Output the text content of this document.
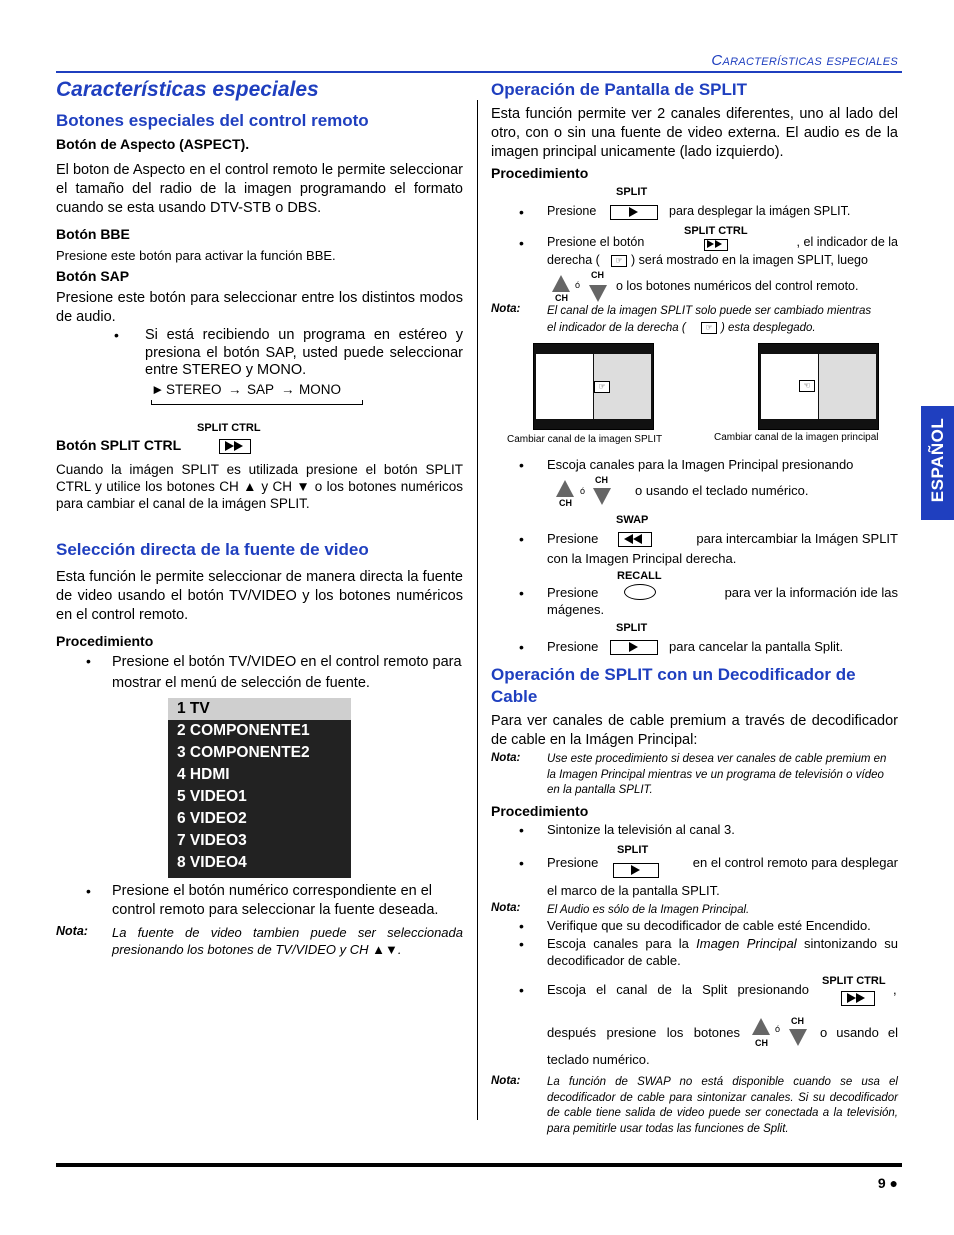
Características especiales
ESPAÑOL
Características especiales
Botones especiales del control remoto
Botón de Aspecto (ASPECT).
El boton de Aspecto en el control remoto le permite seleccionar el tamaño del radio de la imagen programando el formato cuando se esta usando DTV-STB o DBS.
Botón BBE
Presione este botón para activar la función BBE.
Botón SAP
Presione este botón para seleccionar entre los distintos modos de audio.
• Si está recibiendo un programa en estéreo y presiona el botón SAP, usted puede seleccionar entre STEREO y MONO.
► STEREO → SAP → MONO
SPLIT CTRL
Botón SPLIT CTRL
Cuando la imágen SPLIT es utilizada presione el botón SPLIT CTRL y utilice los botones CH ▲ y CH ▼ o los botones numéricos para cambiar el canal de la imágen SPLIT.
Selección directa de la fuente de video
Esta función le permite seleccionar de manera directa la fuente de video usando el botón TV/VIDEO y los botones numéricos en el control remoto.
Procedimiento
• Presione el botón TV/VIDEO en el control remoto para mostrar el menú de selección de fuente.
1 TV
2 COMPONENTE1
3 COMPONENTE2
4 HDMI
5 VIDEO1
6 VIDEO2
7 VIDEO3
8 VIDEO4
• Presione el botón numérico correspondiente en el control remoto para seleccionar la fuente deseada.
Nota: La fuente de video tambien puede ser seleccionada presionando los botones de TV/VIDEO y CH ▲▼.
Operación de Pantalla de SPLIT
Esta función permite ver 2 canales diferentes, uno al lado del otro, con o sin una fuente de video externa. El audio es de la imagen principal unicamente (lado izquierdo).
Procedimiento
SPLIT
• Presione	para desplegar la imágen SPLIT.
SPLIT CTRL
• Presione el botón	, el indicador de la
derecha (	☞ ) será mostrado en la imagen SPLIT, luego
CH
CH
ó	o los botones numéricos del control remoto.
Nota: El canal de la imagen SPLIT solo puede ser cambiado mientras
el indicador de la derecha (	☞ ) esta desplegado.
☞
Cambiar canal de la imagen SPLIT
☜
Cambiar canal de la imagen principal
• Escoja canales para la Imagen Principal presionando
CH
CH
ó	o usando el teclado numérico.
SWAP
• Presione	para intercambiar la Imágen SPLIT
con la Imagen Principal derecha.
RECALL
• Presione	para ver la información ide las
mágenes.
SPLIT
• Presione	para cancelar la pantalla Split.
Operación de SPLIT con un Decodificador de
Cable
Para ver canales de cable premium a través de decodificador de cable en la Imágen Principal:
Nota: Use este procedimiento si desea ver canales de cable premium en la Imagen Principal mientras ve un programa de televisión o vídeo en la pantalla SPLIT.
Procedimiento
• Sintonize la televisión al canal 3.
SPLIT
• Presione	en el control remoto para desplegar
el marco de la pantalla SPLIT.
Nota: El Audio es sólo de la Imagen Principal.
• Verifique que su decodificador de cable esté Encendido.
• Escoja canales para la Imagen Principal sintonizando su decodificador de cable.
SPLIT CTRL
• Escoja el canal de la Split presionando	,
después presione los botones
CH
ó
CH
o usando el
teclado numérico.
Nota: La función de SWAP no está disponible cuando se usa el decodificador de cable para sintonizar canales. Si su decodificador de cable tiene salida de video puede ser conectada a la televisión, para pemitirle usar todas las funciones de Split.
9 ●
